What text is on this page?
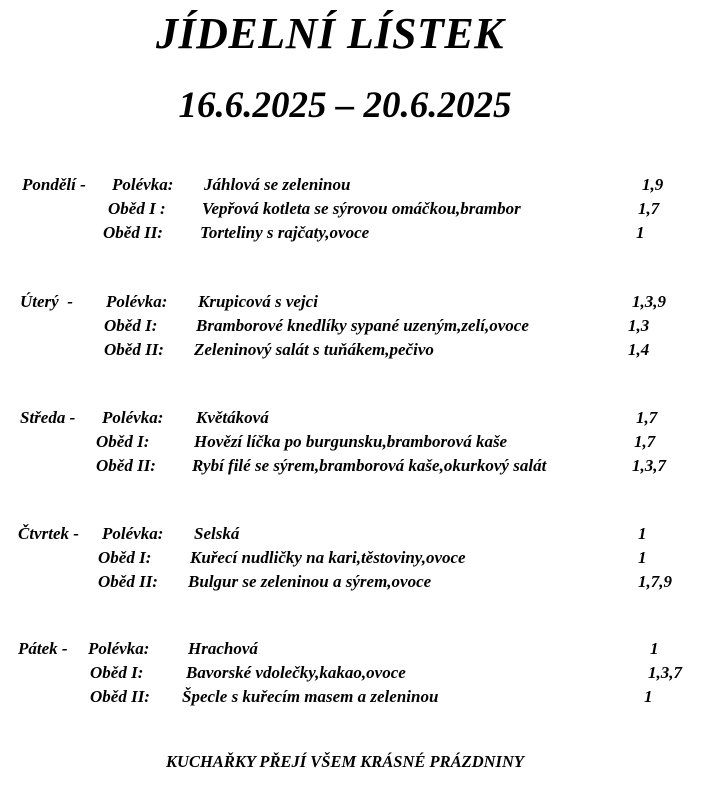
JÍDELNÍ LÍSTEK
16.6.2025 – 20.6.2025
Pondělí - Polévka: Jáhlová se zeleninou	1,9
Oběd I : Vepřová kotleta se sýrovou omáčkou,brambor	1,7
Oběd II: Torteliny s rajčaty,ovoce	1
Úterý  - Polévka: Krupicová s vejci	1,3,9
Oběd I: Bramborové knedlíky sypané uzeným,zelí,ovoce	1,3
Oběd II: Zeleninový salát s tuňákem,pečivo	1,4
Středa - Polévka: Květáková	1,7
Oběd I:	Hovězí líčka po burgunsku,bramborová kaše	1,7
Oběd II: Rybí filé se sýrem,bramborová kaše,okurkový salát	1,3,7
Čtvrtek - Polévka: Selská	1
Oběd I: Kuřecí nudličky na kari,těstoviny,ovoce	1
Oběd II: Bulgur se zeleninou a sýrem,ovoce	1,7,9
Pátek - Polévka: Hrachová	1
Oběd I:	Bavorské vdolečky,kakao,ovoce	1,3,7
Oběd II: Špecle s kuřecím masem a zeleninou	1
KUCHAŘKY PŘEJÍ VŠEM KRÁSNÉ PRÁZDNINY
